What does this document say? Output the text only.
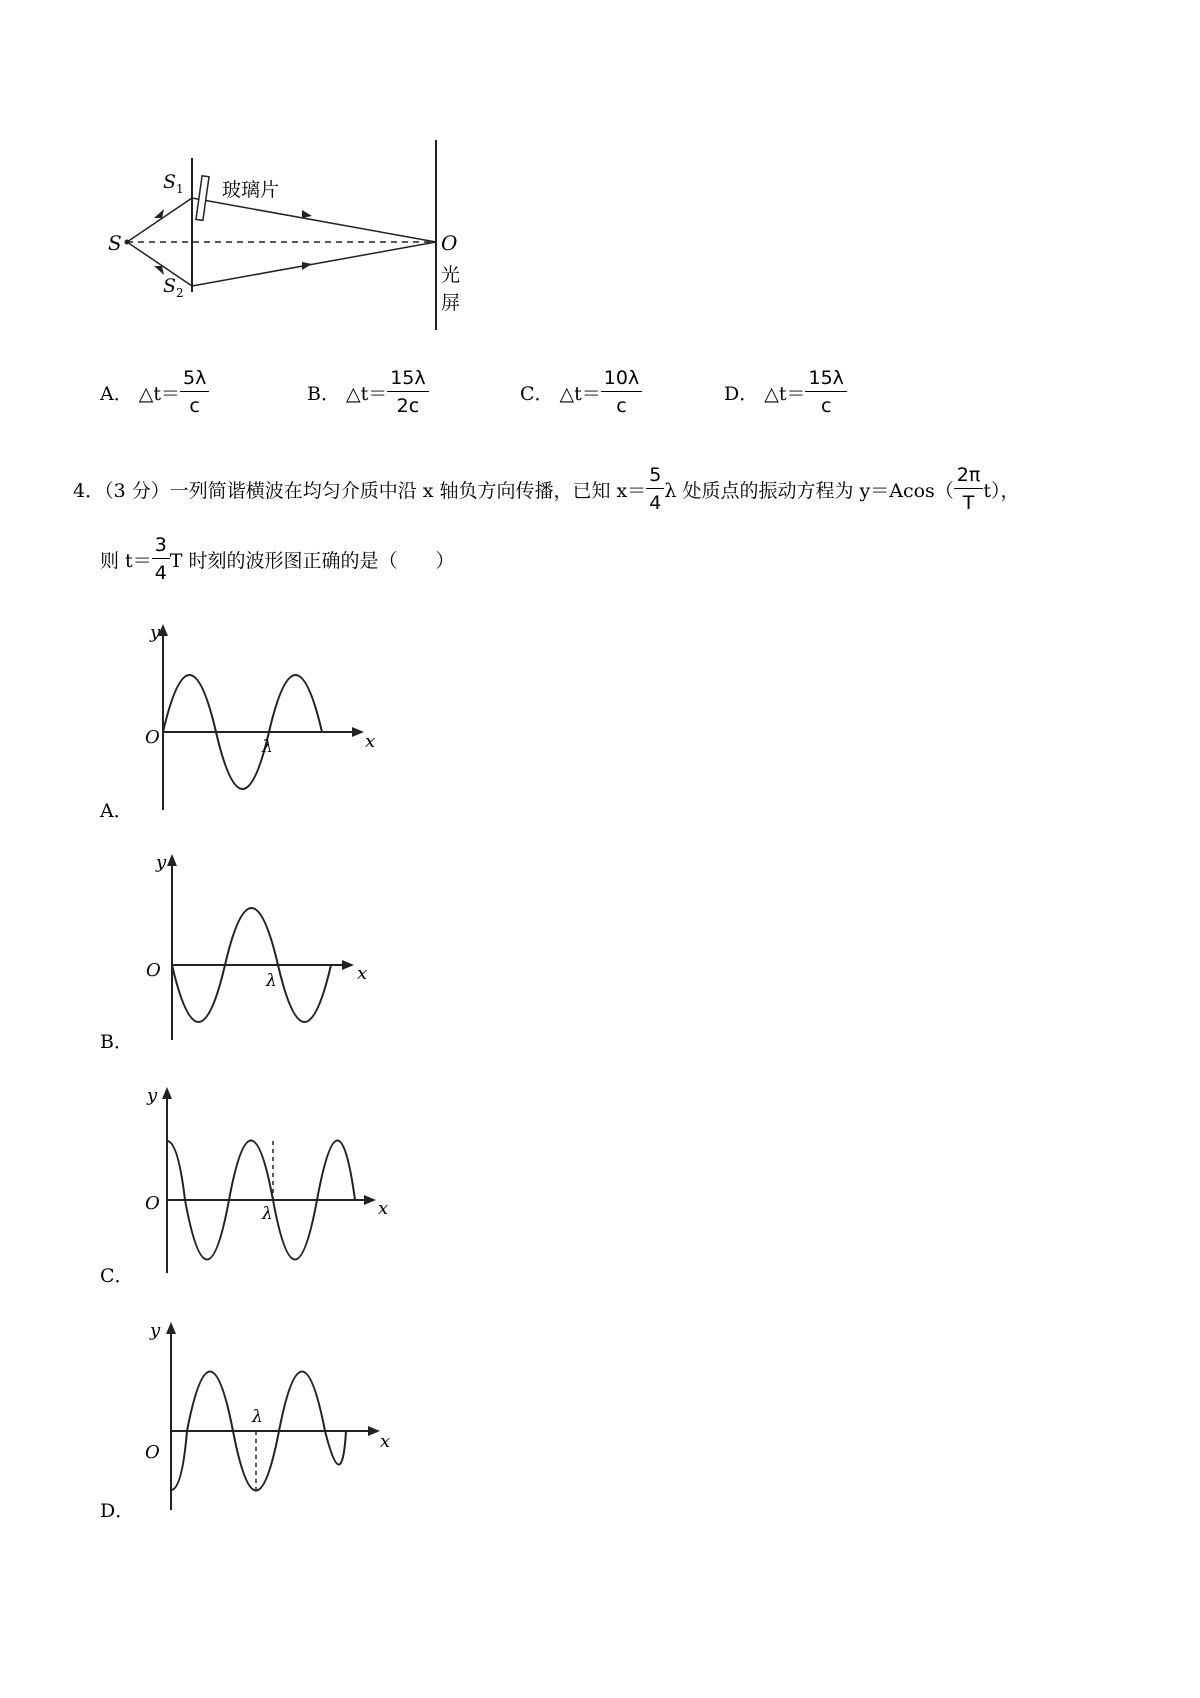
S
S 1
S 2
玻璃片
O
光
屏
A． △t＝ $\frac{5\lambda}{c}$	B． △t＝ $\frac{15\lambda}{2c}$	C． △t＝ $\frac{10\lambda}{c}$	D． △t＝ $\frac{15\lambda}{c}$
4．（3 分）一列简谐横波在均匀介质中沿 x 轴负方向传播，已知 $x= \frac{5}{4}$ λ 处质点的振动方程为 $y=Acos( \frac{2\pi}{T} t)$，
则 $t= \frac{3}{4}$ T 时刻的波形图正确的是（　　）
y
O	x
λ
A．
y
O	x
λ
B．
y
O	x
λ
C．
y
O
x
λ
D．
